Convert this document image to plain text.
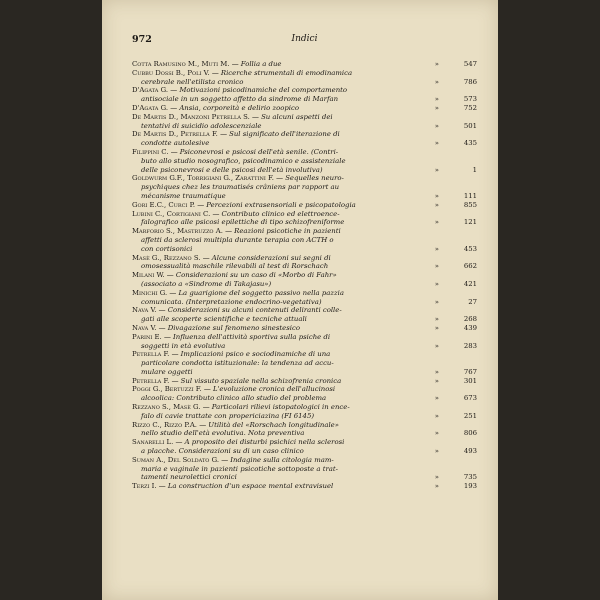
972	Indici
Cotta Ramusino M., Muti M. — Follia a due	»	547
Cubbu Dossi B., Poli V. — Ricerche strumentali di emodinamica
cerebrale nell'etilista cronico	»	786
D'Agata G. — Motivazioni psicodinamiche del comportamento
antisociale in un soggetto affetto da sindrome di Marfan	»	573
D'Agata G. — Ansia, corporeità e delirio zoopico	»	752
De Martis D., Manzoni Petrella S. — Su alcuni aspetti dei
tentativi di suicidio adolescenziale	»	501
De Martis D., Petrella F. — Sul significato dell'iterazione di
condotte autolesive	»	435
Filippini C. — Psiconevrosi e psicosi dell'età senile. (Contri-
buto allo studio nosografico, psicodinamico e assistenziale
delle psiconevrosi e delle psicosi dell'età involutiva)	»	1
Goldwurm G.F., Torrigiani G., Zarattini F. — Sequelles neuro-
psychiques chez les traumatisés crâniens par rapport au
mécanisme traumatique	»	111
Gori E.C., Curci P. — Percezioni extrasensoriali e psicopatologia	»	855
Lubini C., Cortigiani C. — Contributo clinico ed elettroence-
falografico alle psicosi epilettiche di tipo schizofreniforme	»	121
Marforio S., Mastruzzo A. — Reazioni psicotiche in pazienti
affetti da sclerosi multipla durante terapia con ACTH o
con cortisonici	»	453
Masè G., Rezzano S. — Alcune considerazioni sui segni di
omosessualità maschile rilevabili al test di Rorschach	»	662
Milani W. — Considerazioni su un caso di «Morbo di Fahr»
(associato a «Sindrome di Takajasu»)	»	421
Minichi G. — La guarigione del soggetto passivo nella pazzia
comunicata. (Interpretazione endocrino-vegetativa)	»	27
Nava V. — Considerazioni su alcuni contenuti deliranti colle-
gati alle scoperte scientifiche e tecniche attuali	»	268
Nava V. — Divagazione sul fenomeno sinestesico	»	439
Parini E. — Influenza dell'attività sportiva sulla psiche di
soggetti in età evolutiva	»	283
Petrella F. — Implicazioni psico e sociodinamiche di una
particolare condotta istituzionale: la tendenza ad accu-
mulare oggetti	»	767
Petrella F. — Sul vissuto spaziale nella schizofrenia cronica	»	301
Poggi G., Bertuzzi F. — L'evoluzione cronica dell'allucinosi
alcoolica: Contributo clinico allo studio del problema	»	673
Rezzano S., Masè G. — Particolari rilievi istopatologici in ence-
falo di cavie trattate con propericiazina (FI 6145)	»	251
Rizzo C., Rizzo P.A. — Utilità del «Rorschach longitudinale»
nello studio dell'età evolutiva. Nota preventiva	»	806
Sanarelli L. — A proposito dei disturbi psichici nella sclerosi
a placche. Considerazioni su di un caso clinico	»	493
Suman A., Del Soldato G. — Indagine sulla citologia mam-
maria e vaginale in pazienti psicotiche sottoposte a trat-
tamenti neurolettici cronici	»	735
Terzi I. — La construction d'un espace mental extravisuel	»	193
